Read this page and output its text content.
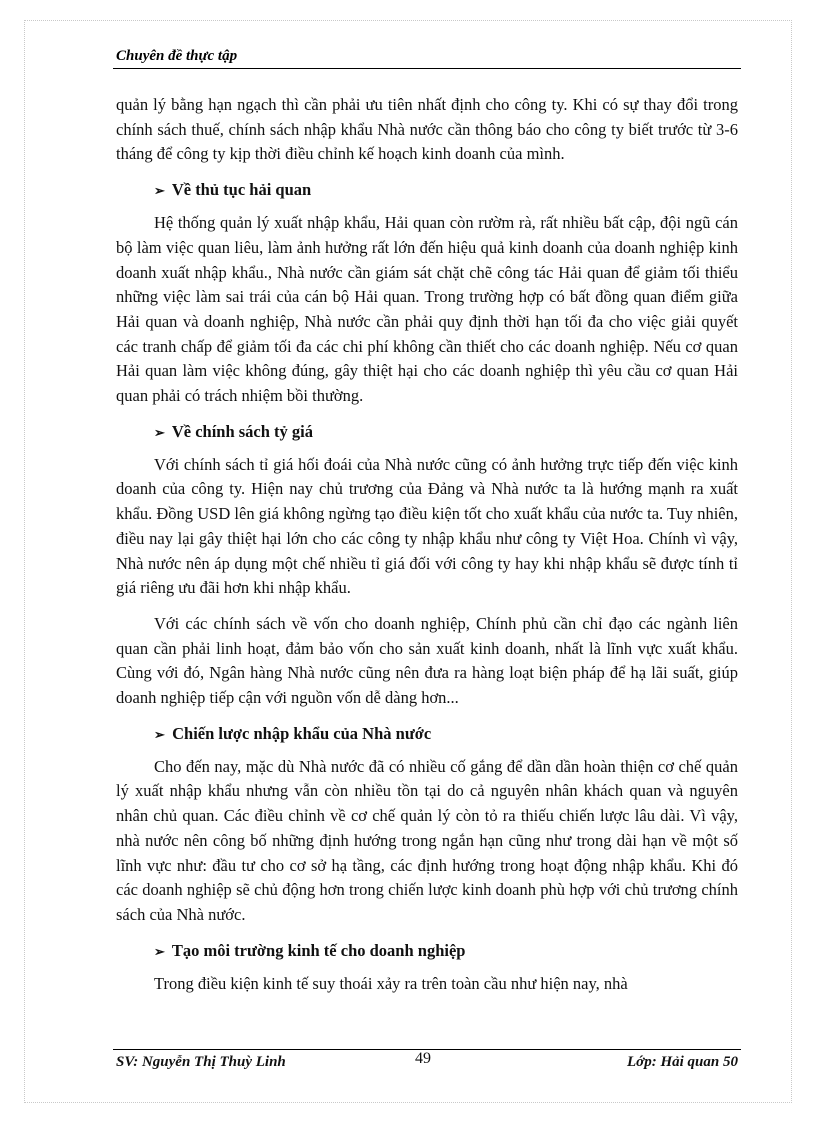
Chuyên đề thực tập

quản lý bằng hạn ngạch thì cần phải ưu tiên nhất định cho công ty. Khi có sự thay đổi trong chính sách thuế, chính sách nhập khẩu Nhà nước cần thông báo cho công ty biết trước từ 3-6 tháng để công ty kịp thời điều chỉnh kế hoạch kinh doanh của mình.

➢ Về thủ tục hải quan

Hệ thống quản lý xuất nhập khẩu, Hải quan còn rườm rà, rất nhiều bất cập, đội ngũ cán bộ làm việc quan liêu, làm ảnh hưởng rất lớn đến hiệu quả kinh doanh của doanh nghiệp kinh doanh xuất nhập khẩu., Nhà nước cần giám sát chặt chẽ công tác Hải quan để giảm tối thiểu những việc làm sai trái của cán bộ Hải quan. Trong trường hợp có bất đồng quan điểm giữa Hải quan và doanh nghiệp, Nhà nước cần phải quy định thời hạn tối đa cho việc giải quyết các tranh chấp để giảm tối đa các chi phí không cần thiết cho các doanh nghiệp. Nếu cơ quan Hải quan làm việc không đúng, gây thiệt hại cho các doanh nghiệp thì yêu cầu cơ quan Hải quan phải có trách nhiệm bồi thường.

➢ Về chính sách tỷ giá

Với chính sách tỉ giá hối đoái của Nhà nước cũng có ảnh hưởng trực tiếp đến việc kinh doanh của công ty. Hiện nay chủ trương của Đảng và Nhà nước ta là hướng mạnh ra xuất khẩu. Đồng USD lên giá không ngừng tạo điều kiện tốt cho xuất khẩu của nước ta. Tuy nhiên, điều nay lại gây thiệt hại lớn cho các công ty nhập khẩu như công ty Việt Hoa. Chính vì vậy, Nhà nước nên áp dụng một chế nhiều tỉ giá đối với công ty hay khi nhập khẩu sẽ được tính tỉ giá riêng ưu đãi hơn khi nhập khẩu.

Với các chính sách về vốn cho doanh nghiệp, Chính phủ cần chỉ đạo các ngành liên quan cần phải linh hoạt, đảm bảo vốn cho sản xuất kinh doanh, nhất là lĩnh vực xuất khẩu. Cùng với đó, Ngân hàng Nhà nước cũng nên đưa ra hàng loạt biện pháp để hạ lãi suất, giúp doanh nghiệp tiếp cận với nguồn vốn dễ dàng hơn...

➢ Chiến lược nhập khẩu của Nhà nước

Cho đến nay, mặc dù Nhà nước đã có nhiều cố gắng để dần dần hoàn thiện cơ chế quản lý xuất nhập khẩu nhưng vẫn còn nhiều tồn tại do cả nguyên nhân khách quan và nguyên nhân chủ quan. Các điều chỉnh về cơ chế quản lý còn tỏ ra thiếu chiến lược lâu dài. Vì vậy, nhà nước nên công bố những định hướng trong ngắn hạn cũng như trong dài hạn về một số lĩnh vực như: đầu tư cho cơ sở hạ tầng, các định hướng trong hoạt động nhập khẩu. Khi đó các doanh nghiệp sẽ chủ động hơn trong chiến lược kinh doanh phù hợp với chủ trương chính sách của Nhà nước.

➢ Tạo môi trường kinh tế cho doanh nghiệp

Trong điều kiện kinh tế suy thoái xảy ra trên toàn cầu như hiện nay, nhà

SV: Nguyễn Thị Thuỳ Linh	49	Lớp: Hải quan 50
